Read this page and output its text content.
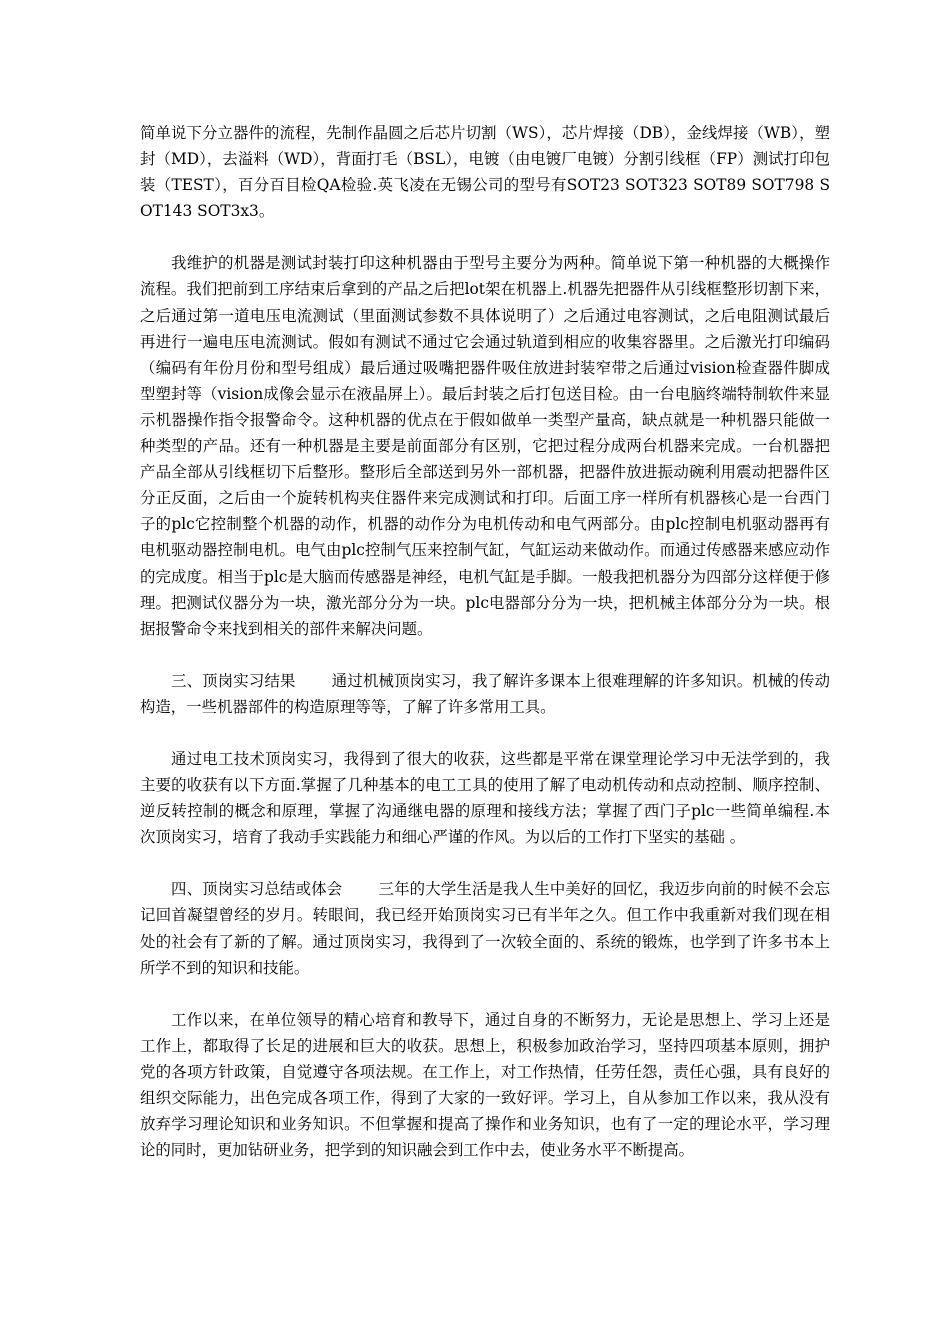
简单说下分立器件的流程，先制作晶圆之后芯片切割（WS），芯片焊接（DB），金线焊接（WB），塑封（MD），去溢料（WD），背面打毛（BSL），电镀（由电镀厂电镀）分割引线框（FP）测试打印包装（TEST），百分百目检QA检验.英飞凌在无锡公司的型号有SOT23 SOT323 SOT89 SOT798 SOT143 SOT3x3。

我维护的机器是测试封装打印这种机器由于型号主要分为两种。简单说下第一种机器的大概操作流程。我们把前到工序结束后拿到的产品之后把lot架在机器上.机器先把器件从引线框整形切割下来，之后通过第一道电压电流测试（里面测试参数不具体说明了）之后通过电容测试，之后电阻测试最后再进行一遍电压电流测试。假如有测试不通过它会通过轨道到相应的收集容器里。之后激光打印编码（编码有年份月份和型号组成）最后通过吸嘴把器件吸住放进封装窄带之后通过vision检查器件脚成型塑封等（vision成像会显示在液晶屏上）。最后封装之后打包送目检。由一台电脑终端特制软件来显示机器操作指令报警命令。这种机器的优点在于假如做单一类型产量高，缺点就是一种机器只能做一种类型的产品。还有一种机器是主要是前面部分有区别，它把过程分成两台机器来完成。一台机器把产品全部从引线框切下后整形。整形后全部送到另外一部机器，把器件放进振动碗利用震动把器件区分正反面，之后由一个旋转机构夹住器件来完成测试和打印。后面工序一样所有机器核心是一台西门子的plc它控制整个机器的动作，机器的动作分为电机传动和电气两部分。由plc控制电机驱动器再有电机驱动器控制电机。电气由plc控制气压来控制气缸，气缸运动来做动作。而通过传感器来感应动作的完成度。相当于plc是大脑而传感器是神经，电机气缸是手脚。一般我把机器分为四部分这样便于修理。把测试仪器分为一块，激光部分分为一块。plc电器部分分为一块，把机械主体部分分为一块。根据报警命令来找到相关的部件来解决问题。

三、顶岗实习结果　　 通过机械顶岗实习，我了解许多课本上很难理解的许多知识。机械的传动构造，一些机器部件的构造原理等等，了解了许多常用工具。

通过电工技术顶岗实习，我得到了很大的收获，这些都是平常在课堂理论学习中无法学到的，我主要的收获有以下方面.掌握了几种基本的电工工具的使用了解了电动机传动和点动控制、顺序控制、逆反转控制的概念和原理，掌握了沟通继电器的原理和接线方法；掌握了西门子plc一些简单编程.本次顶岗实习，培育了我动手实践能力和细心严谨的作风。为以后的工作打下坚实的基础 。

四、顶岗实习总结或体会　　 三年的大学生活是我人生中美好的回忆，我迈步向前的时候不会忘记回首凝望曾经的岁月。转眼间，我已经开始顶岗实习已有半年之久。但工作中我重新对我们现在相处的社会有了新的了解。通过顶岗实习，我得到了一次较全面的、系统的锻炼，也学到了许多书本上所学不到的知识和技能。

工作以来，在单位领导的精心培育和教导下，通过自身的不断努力，无论是思想上、学习上还是工作上，都取得了长足的进展和巨大的收获。思想上，积极参加政治学习，坚持四项基本原则，拥护党的各项方针政策，自觉遵守各项法规。在工作上，对工作热情，任劳任怨，责任心强，具有良好的组织交际能力，出色完成各项工作，得到了大家的一致好评。学习上，自从参加工作以来，我从没有放弃学习理论知识和业务知识。不但掌握和提高了操作和业务知识，也有了一定的理论水平，学习理论的同时，更加钻研业务，把学到的知识融会到工作中去，使业务水平不断提高。
